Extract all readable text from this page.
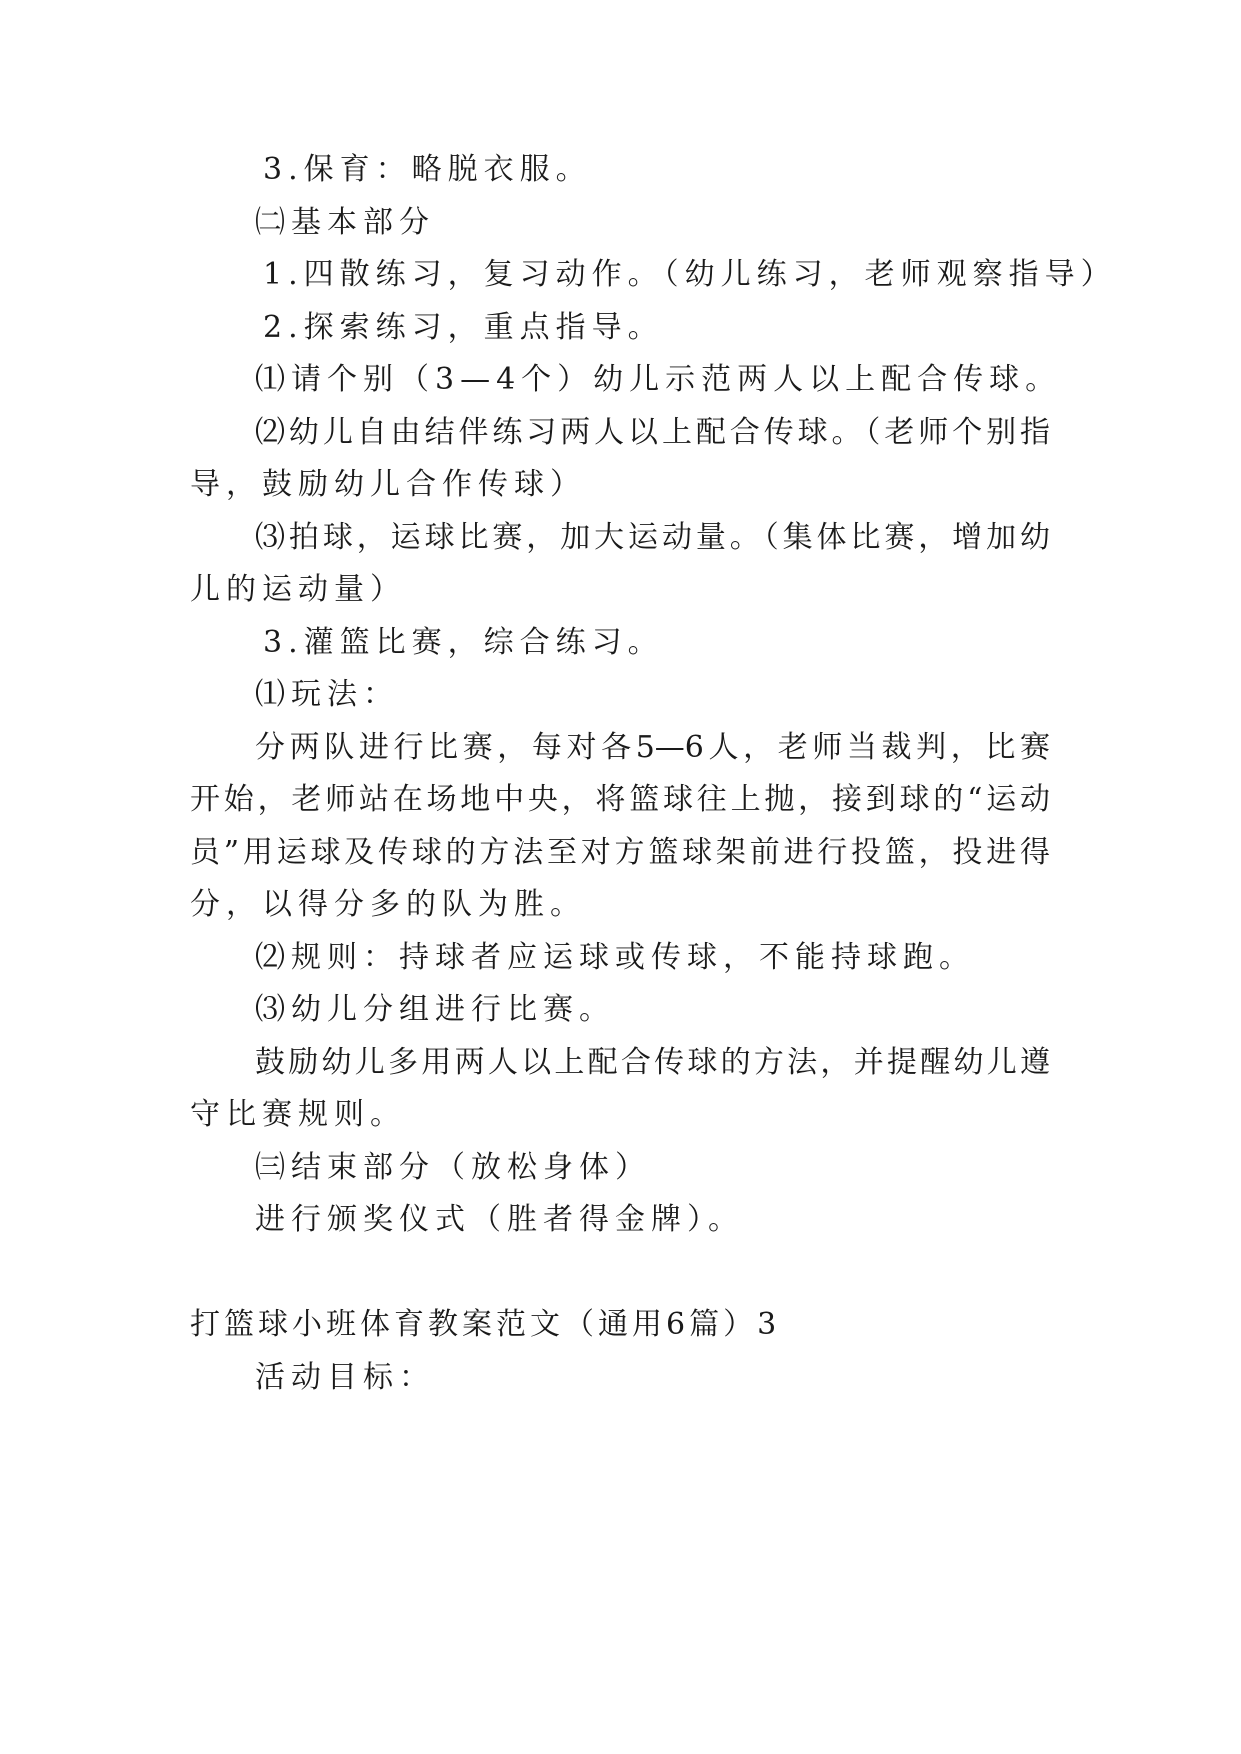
3.保育：略脱衣服。
㈡基本部分
1.四散练习，复习动作。（幼儿练习，老师观察指导）
2.探索练习，重点指导。
⑴请个别（3—4个）幼儿示范两人以上配合传球。
⑵幼儿自由结伴练习两人以上配合传球。（老师个别指
导，鼓励幼儿合作传球）
⑶拍球，运球比赛，加大运动量。（集体比赛，增加幼
儿的运动量）
3.灌篮比赛，综合练习。
⑴玩法：
分两队进行比赛，每对各5—6人，老师当裁判，比赛
开始，老师站在场地中央，将篮球往上抛，接到球的“运动
员”用运球及传球的方法至对方篮球架前进行投篮，投进得
分，以得分多的队为胜。
⑵规则：持球者应运球或传球，不能持球跑。
⑶幼儿分组进行比赛。
鼓励幼儿多用两人以上配合传球的方法，并提醒幼儿遵
守比赛规则。
㈢结束部分（放松身体）
进行颁奖仪式（胜者得金牌）。
打篮球小班体育教案范文（通用6篇）3
活动目标：
